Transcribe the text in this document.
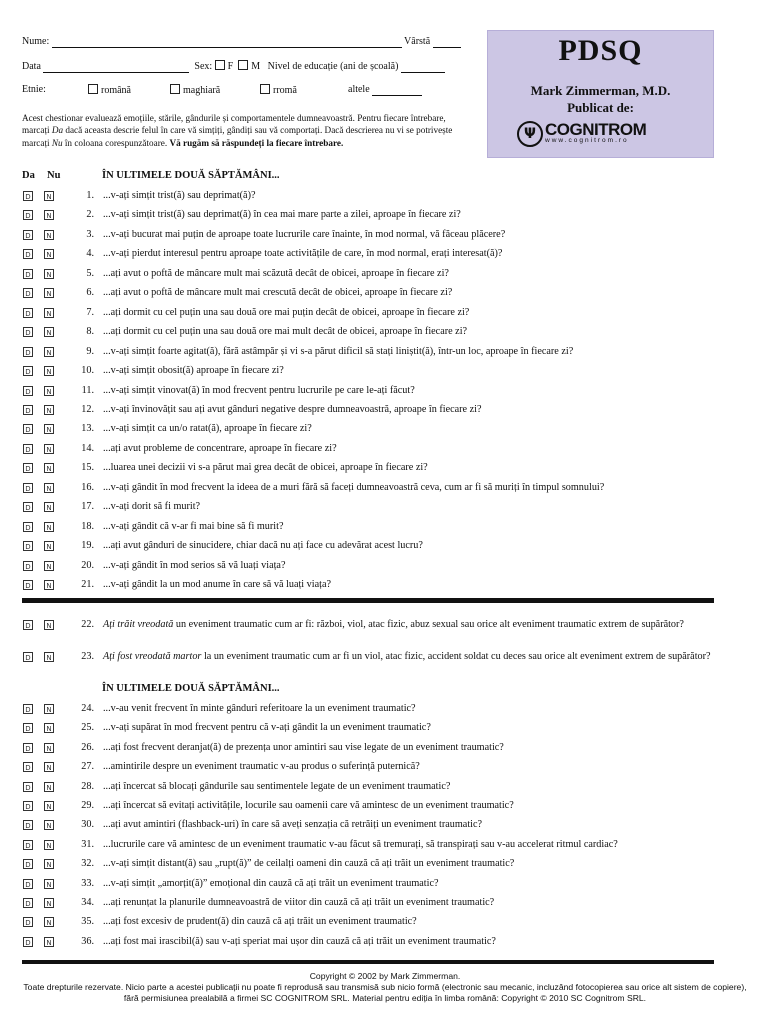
Nume:	Vârstă
Data	Sex: F M Nivel de educație (ani de școală)
Etnie:	română	maghiară	rromă	altele
Acest chestionar evaluează emoțiile, stările, gândurile și comportamentele dumneavoastră. Pentru fiecare întrebare, marcați Da dacă aceasta descrie felul în care vă simțiți, gândiți sau vă comportați. Dacă descrierea nu vi se potrivește marcați Nu în coloana corespunzătoare. Vă rugăm să răspundeți la fiecare întrebare.
PDSQ
Mark Zimmerman, M.D.
Publicat de:
Ψ COGNITROM
www.cognitrom.ro
Da Nu	ÎN ULTIMELE DOUĂ SĂPTĂMÂNI...
D	N	1. ...v-ați simțit trist(ă) sau deprimat(ă)?
D	N	2. ...v-ați simțit trist(ă) sau deprimat(ă) în cea mai mare parte a zilei, aproape în fiecare zi?
D	N	3. ...v-ați bucurat mai puțin de aproape toate lucrurile care înainte, în mod normal, vă făceau plăcere?
D	N	4. ...v-ați pierdut interesul pentru aproape toate activitățile de care, în mod normal, erați interesat(ă)?
D	N	5. ...ați avut o poftă de mâncare mult mai scăzută decât de obicei, aproape în fiecare zi?
D	N	6. ...ați avut o poftă de mâncare mult mai crescută decât de obicei, aproape în fiecare zi?
D	N	7. ...ați dormit cu cel puțin una sau două ore mai puțin decât de obicei, aproape în fiecare zi?
D	N	8. ...ați dormit cu cel puțin una sau două ore mai mult decât de obicei, aproape în fiecare zi?
D	N	9. ...v-ați simțit foarte agitat(ă), fără astâmpăr și vi s-a părut dificil să stați liniștit(ă), într-un loc, aproape în fiecare zi?
D	N	10. ...v-ați simțit obosit(ă) aproape în fiecare zi?
D	N	11. ...v-ați simțit vinovat(ă) în mod frecvent pentru lucrurile pe care le-ați făcut?
D	N	12. ...v-ați învinovățit sau ați avut gânduri negative despre dumneavoastră, aproape în fiecare zi?
D	N	13. ...v-ați simțit ca un/o ratat(ă), aproape în fiecare zi?
D	N	14. ...ați avut probleme de concentrare, aproape în fiecare zi?
D	N	15. ...luarea unei decizii vi s-a părut mai grea decât de obicei, aproape în fiecare zi?
D	N	16. ...v-ați gândit în mod frecvent la ideea de a muri fără să faceți dumneavoastră ceva, cum ar fi să muriți în timpul somnului?
D	N	17. ...v-ați dorit să fi murit?
D	N	18. ...v-ați gândit că v-ar fi mai bine să fi murit?
D	N	19. ...ați avut gânduri de sinucidere, chiar dacă nu ați face cu adevărat acest lucru?
D	N	20. ...v-ați gândit în mod serios să vă luați viața?
D	N	21. ...v-ați gândit la un mod anume în care să vă luați viața?
D	N	22. Ați trăit vreodată un eveniment traumatic cum ar fi: război, viol, atac fizic, abuz sexual sau orice alt eveniment traumatic extrem de supărător?
D	N	23. Ați fost vreodată martor la un eveniment traumatic cum ar fi un viol, atac fizic, accident soldat cu deces sau orice alt eveniment extrem de supărător?
ÎN ULTIMELE DOUĂ SĂPTĂMÂNI...
D	N	24. ...v-au venit frecvent în minte gânduri referitoare la un eveniment traumatic?
D	N	25. ...v-ați supărat în mod frecvent pentru că v-ați gândit la un eveniment traumatic?
D	N	26. ...ați fost frecvent deranjat(ă) de prezența unor amintiri sau vise legate de un eveniment traumatic?
D	N	27. ...amintirile despre un eveniment traumatic v-au produs o suferință puternică?
D	N	28. ...ați încercat să blocați gândurile sau sentimentele legate de un eveniment traumatic?
D	N	29. ...ați încercat să evitați activitățile, locurile sau oamenii care vă amintesc de un eveniment traumatic?
D	N	30. ...ați avut amintiri (flashback-uri) în care să aveți senzația că retrăiți un eveniment traumatic?
D	N	31. ...lucrurile care vă amintesc de un eveniment traumatic v-au făcut să tremurați, să transpirați sau v-au accelerat ritmul cardiac?
D	N	32. ...v-ați simțit distant(ă) sau „rupt(ă)” de ceilalți oameni din cauză că ați trăit un eveniment traumatic?
D	N	33. ...v-ați simțit „amorțit(ă)” emoțional din cauză că ați trăit un eveniment traumatic?
D	N	34. ...ați renunțat la planurile dumneavoastră de viitor din cauză că ați trăit un eveniment traumatic?
D	N	35. ...ați fost excesiv de prudent(ă) din cauză că ați trăit un eveniment traumatic?
D	N	36. ...ați fost mai irascibil(ă) sau v-ați speriat mai ușor din cauză că ați trăit un eveniment traumatic?
Copyright © 2002 by Mark Zimmerman.
Toate drepturile rezervate. Nicio parte a acestei publicații nu poate fi reprodusă sau transmisă sub nicio formă (electronic sau mecanic, incluzând fotocopierea sau orice alt sistem de copiere), fără permisiunea prealabilă a firmei SC COGNITROM SRL. Material pentru ediția în limba română: Copyright © 2010 SC Cognitrom SRL.
